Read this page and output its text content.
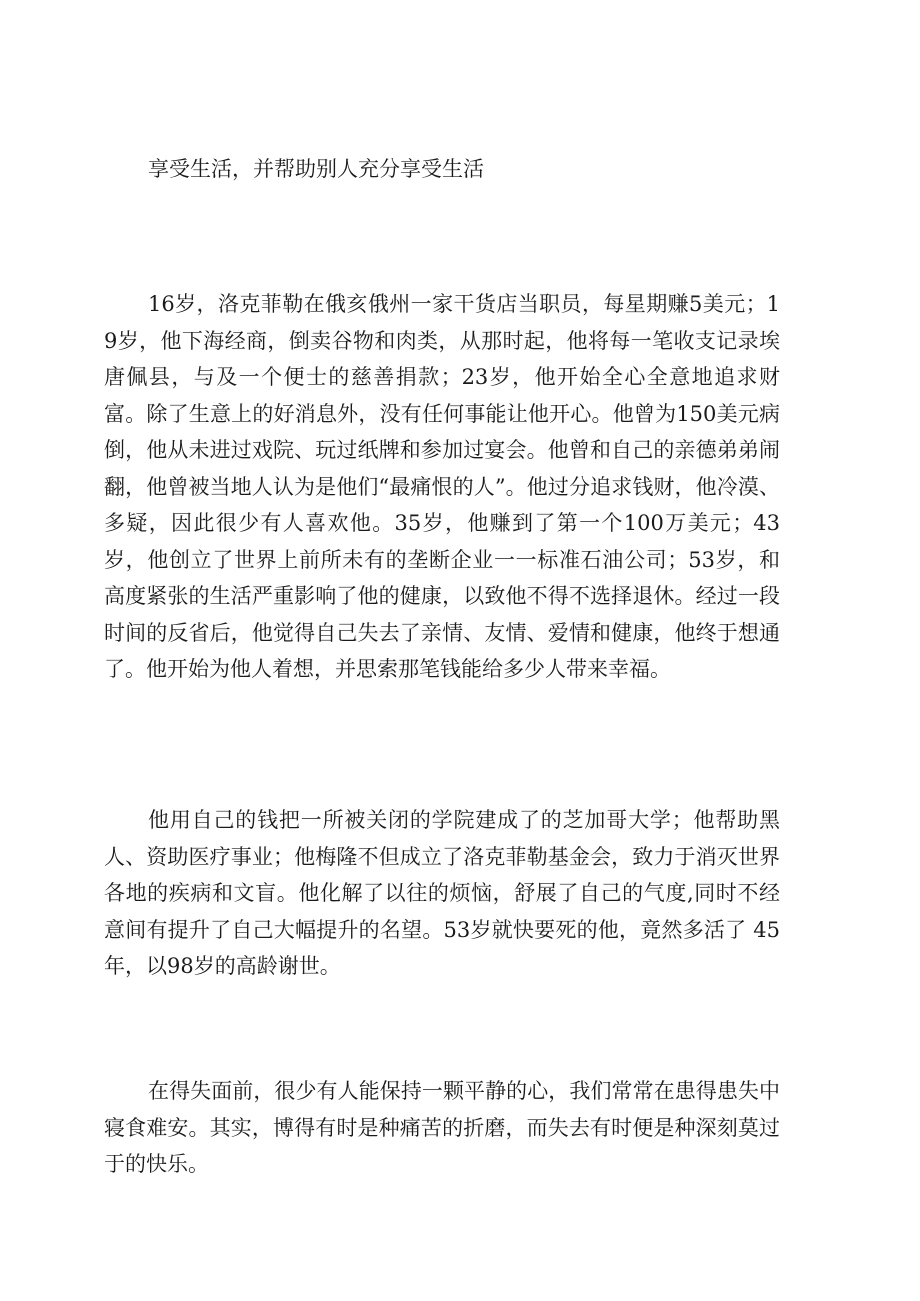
享受生活，并帮助别人充分享受生活

16岁，洛克菲勒在俄亥俄州一家干货店当职员，每星期赚5美元；19岁，他下海经商，倒卖谷物和肉类，从那时起，他将每一笔收支记录埃唐佩县，与及一个便士的慈善捐款；23岁，他开始全心全意地追求财富。除了生意上的好消息外，没有任何事能让他开心。他曾为150美元病倒，他从未进过戏院、玩过纸牌和参加过宴会。他曾和自己的亲德弟弟闹翻，他曾被当地人认为是他们“最痛恨的人”。他过分追求钱财，他冷漠、多疑，因此很少有人喜欢他。35岁，他赚到了第一个100万美元；43岁，他创立了世界上前所未有的垄断企业一一标准石油公司；53岁，和高度紧张的生活严重影响了他的健康，以致他不得不选择退休。经过一段时间的反省后，他觉得自己失去了亲情、友情、爱情和健康，他终于想通了。他开始为他人着想，并思索那笔钱能给多少人带来幸福。

他用自己的钱把一所被关闭的学院建成了的芝加哥大学；他帮助黑人、资助医疗事业；他梅隆不但成立了洛克菲勒基金会，致力于消灭世界各地的疾病和文盲。他化解了以往的烦恼，舒展了自己的气度,同时不经意间有提升了自己大幅提升的名望。53岁就快要死的他，竟然多活了 45年，以98岁的高龄谢世。

在得失面前，很少有人能保持一颗平静的心，我们常常在患得患失中寝食难安。其实，博得有时是种痛苦的折磨，而失去有时便是种深刻莫过于的快乐。
